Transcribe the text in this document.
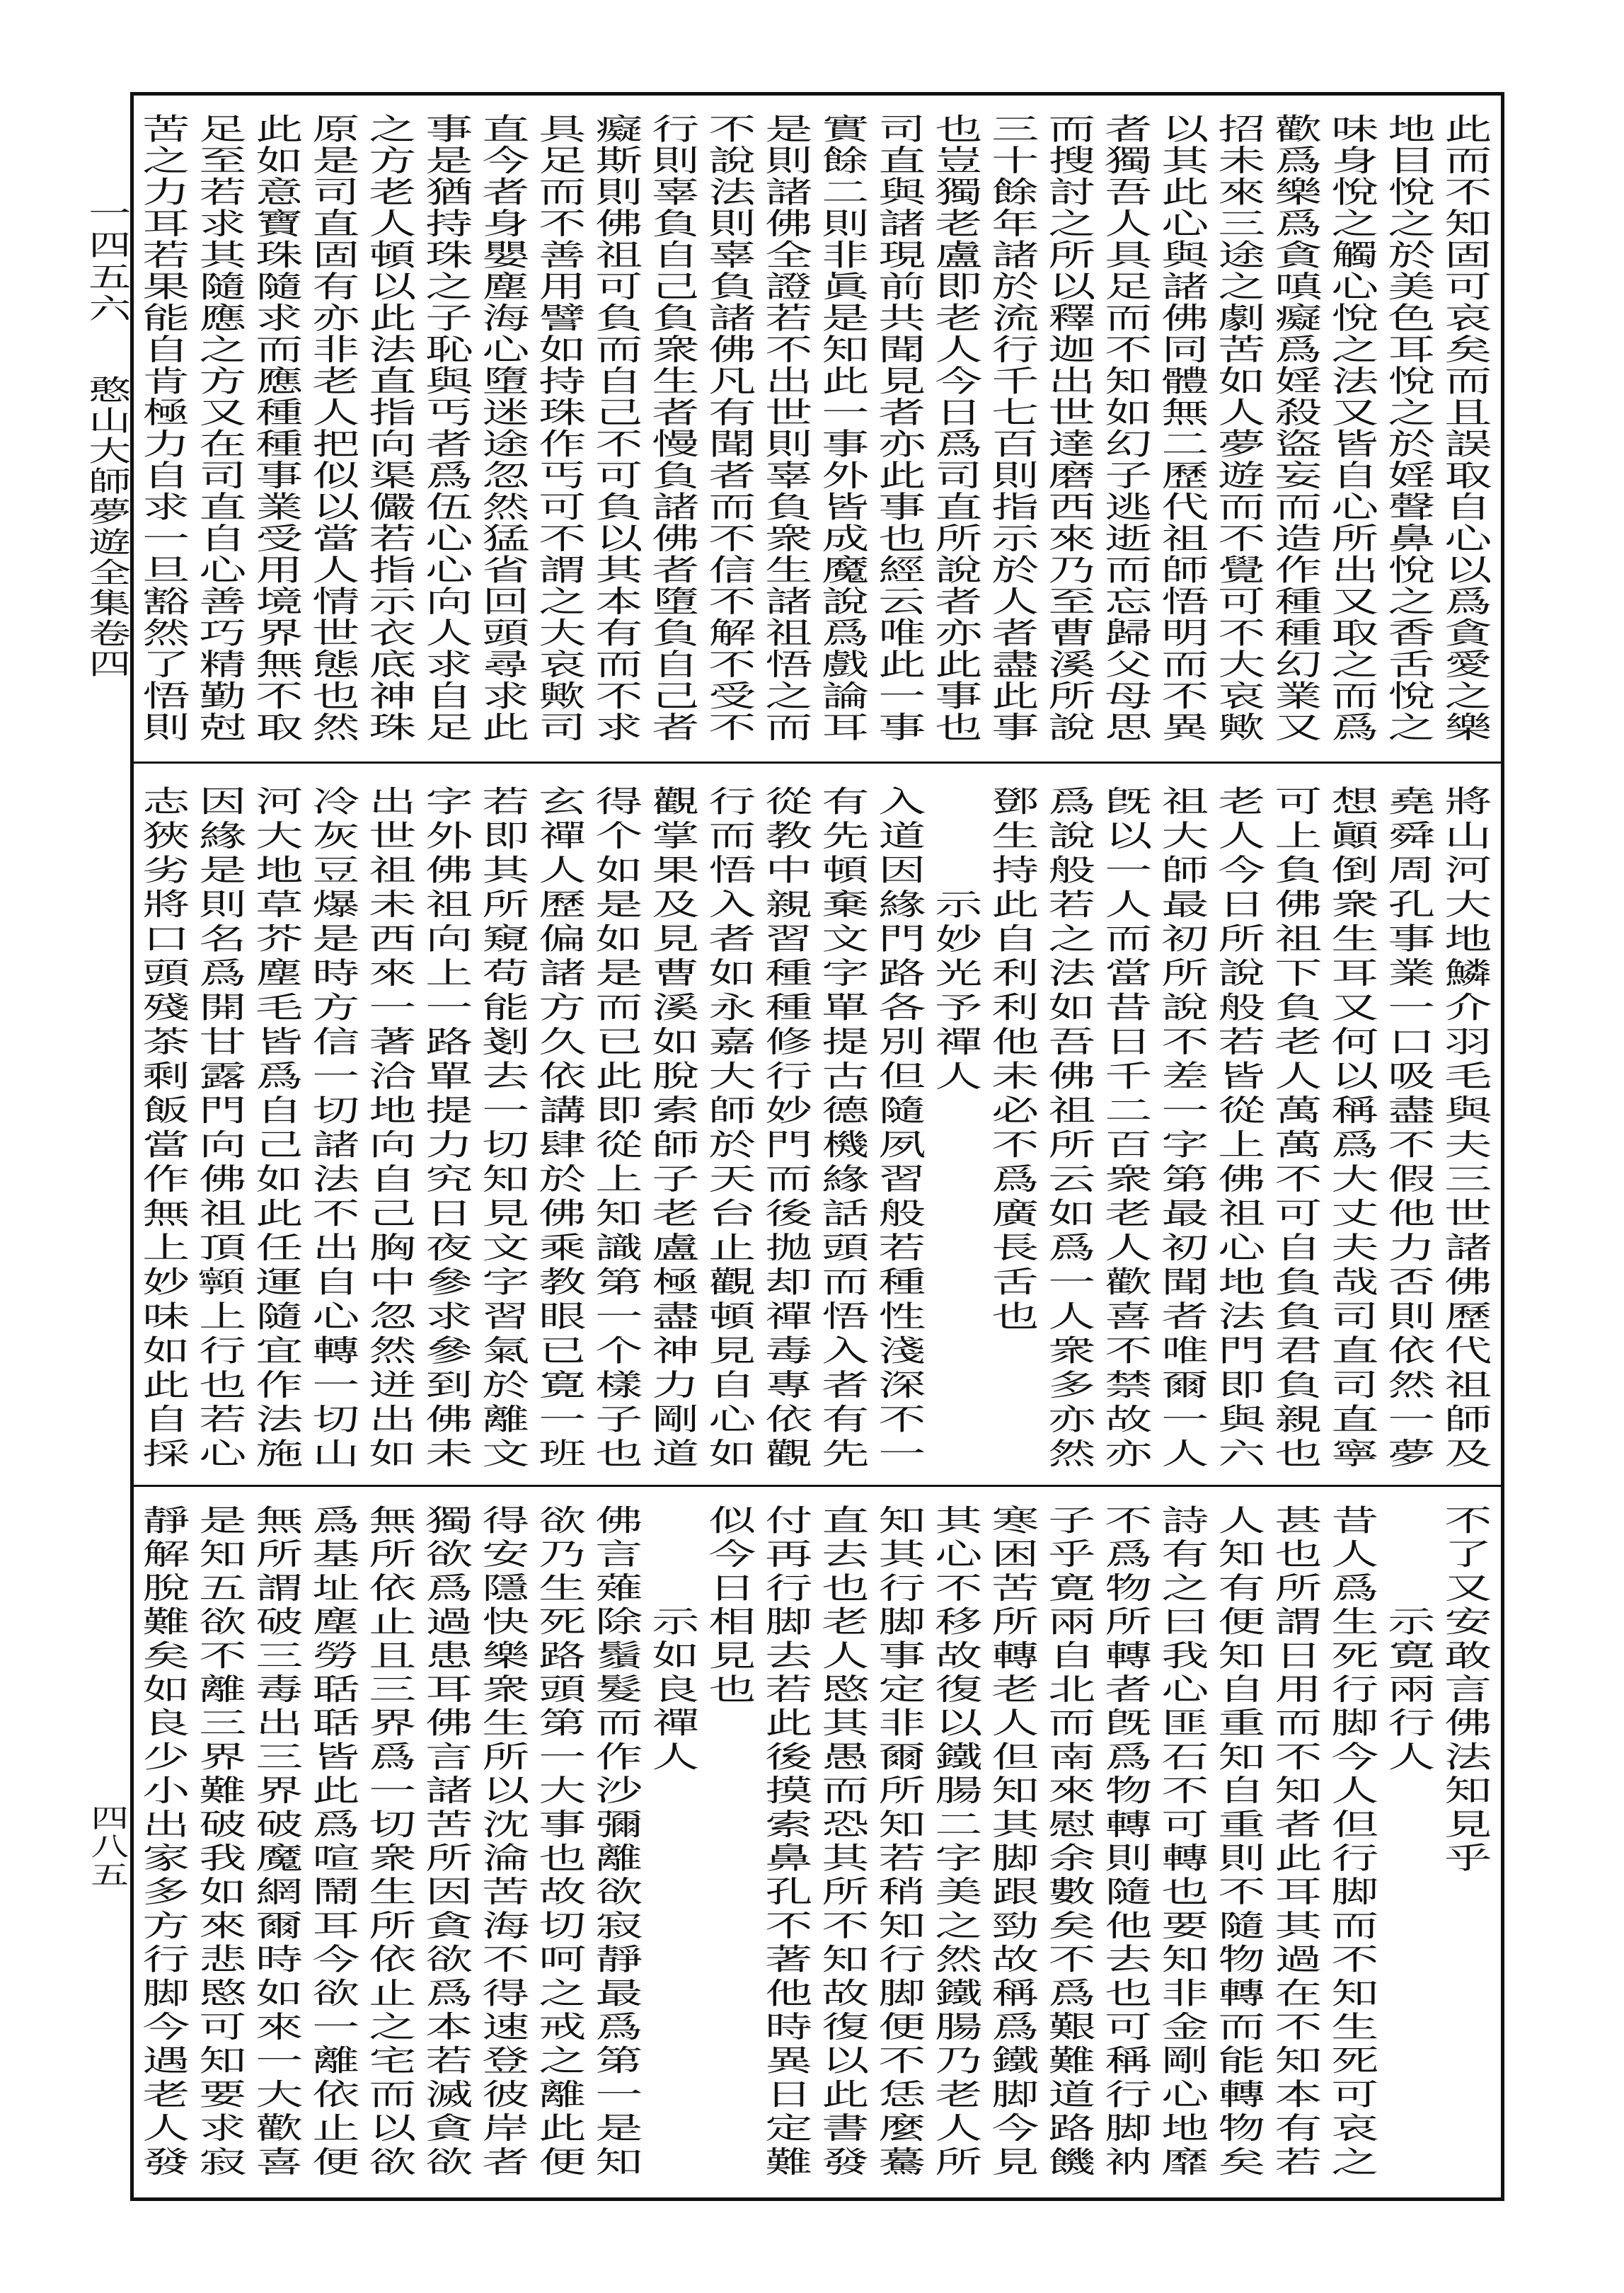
一四五六
憨山大師夢遊全集卷四
四八五
此而不知固可哀矣而且誤取自心以爲貪愛之樂
地目悅之於美色耳悅之於婬聲鼻悅之香舌悅之
味身悅之觸心悅之法又皆自心所出又取之而爲
歡爲樂爲貪嗔癡爲婬殺盜妄而造作種種幻業又
招未來三途之劇苦如人夢遊而不覺可不大哀歟
以其此心與諸佛同體無二歷代祖師悟明而不異
者獨吾人具足而不知如幻子逃逝而忘歸父母思
而搜討之所以釋迦出世達磨西來乃至曹溪所說
三十餘年諸於流行千七百則指示於人者盡此事
也豈獨老盧即老人今日爲司直所說者亦此事也
司直與諸現前共聞見者亦此事也經云唯此一事
實餘二則非眞是知此一事外皆成魔說爲戲論耳
是則諸佛全證若不出世則辜負衆生諸祖悟之而
不說法則辜負諸佛凡有聞者而不信不解不受不
行則辜負自己負衆生者慢負諸佛者墮負自己者
癡斯則佛祖可負而自己不可負以其本有而不求
具足而不善用譬如持珠作丐可不謂之大哀歟司
直今者身嬰塵海心墮迷途忽然猛省回頭尋求此
事是猶持珠之子恥與丐者爲伍心心向人求自足
之方老人頓以此法直指向渠儼若指示衣底神珠
原是司直固有亦非老人把似以當人情世態也然
此如意寶珠隨求而應種種事業受用境界無不取
足至若求其隨應之方又在司直自心善巧精勤尅
苦之力耳若果能自肯極力自求一旦豁然了悟則
將山河大地鱗介羽毛與夫三世諸佛歷代祖師及
堯舜周孔事業一口吸盡不假他力否則依然一夢
想顚倒衆生耳又何以稱爲大丈夫哉司直司直寧
可上負佛祖下負老人萬萬不可自負負君負親也
老人今日所說般若皆從上佛祖心地法門即與六
祖大師最初所說不差一字第最初聞者唯爾一人
旣以一人而當昔日千二百衆老人歡喜不禁故亦
爲說般若之法如吾佛祖所云如爲一人衆多亦然
鄧生持此自利利他未必不爲廣長舌也
示妙光予禪人
入道因緣門路各別但隨夙習般若種性淺深不一
有先頓棄文字單提古德機緣話頭而悟入者有先
從教中親習種種修行妙門而後拋却禪毒專依觀
行而悟入者如永嘉大師於天台止觀頓見自心如
觀掌果及見曹溪如脫索師子老盧極盡神力剛道
得个如是如是而已此即從上知識第一个樣子也
玄禪人歷偏諸方久依講肆於佛乘教眼已寛一班
若即其所窺苟能剗去一切知見文字習氣於離文
字外佛祖向上一路單提力究日夜參求參到佛未
出世祖未西來一著洽地向自己胸中忽然迸出如
冷灰豆爆是時方信一切諸法不出自心轉一切山
河大地草芥塵毛皆爲自己如此任運隨宜作法施
因緣是則名爲開甘露門向佛祖頂𩕳上行也若心
志狹劣將口頭殘茶剩飯當作無上妙味如此自採
不了又安敢言佛法知見乎
示寛兩行人
昔人爲生死行脚今人但行脚而不知生死可哀之
甚也所謂日用而不知者此耳其過在不知本有若
人知有便知自重知自重則不隨物轉而能轉物矣
詩有之曰我心匪石不可轉也要知非金剛心地靡
不爲物所轉者旣爲物轉則隨他去也可稱行脚衲
子乎寛兩自北而南來慰余數矣不爲艱難道路饑
寒困苦所轉老人但知其脚跟勁故稱爲鐵脚今見
其心不移故復以鐵腸二字美之然鐵腸乃老人所
知其行脚事定非爾所知若稍知行脚便不恁麼驀
直去也老人愍其愚而恐其所不知故復以此書發
付再行脚去若此後摸索鼻孔不著他時異日定難
似今日相見也
示如良禪人
佛言薙除鬚髮而作沙彌離欲寂靜最爲第一是知
欲乃生死路頭第一大事也故切呵之戒之離此便
得安隱快樂衆生所以沈淪苦海不得速登彼岸者
獨欲爲過患耳佛言諸苦所因貪欲爲本若滅貪欲
無所依止且三界爲一切衆生所依止之宅而以欲
爲基址塵勞聒聒皆此爲喧鬧耳今欲一離依止便
無所謂破三毒出三界破魔網爾時如來一大歡喜
是知五欲不離三界難破我如來悲愍可知要求寂
靜解脫難矣如良少小出家多方行脚今遇老人發
